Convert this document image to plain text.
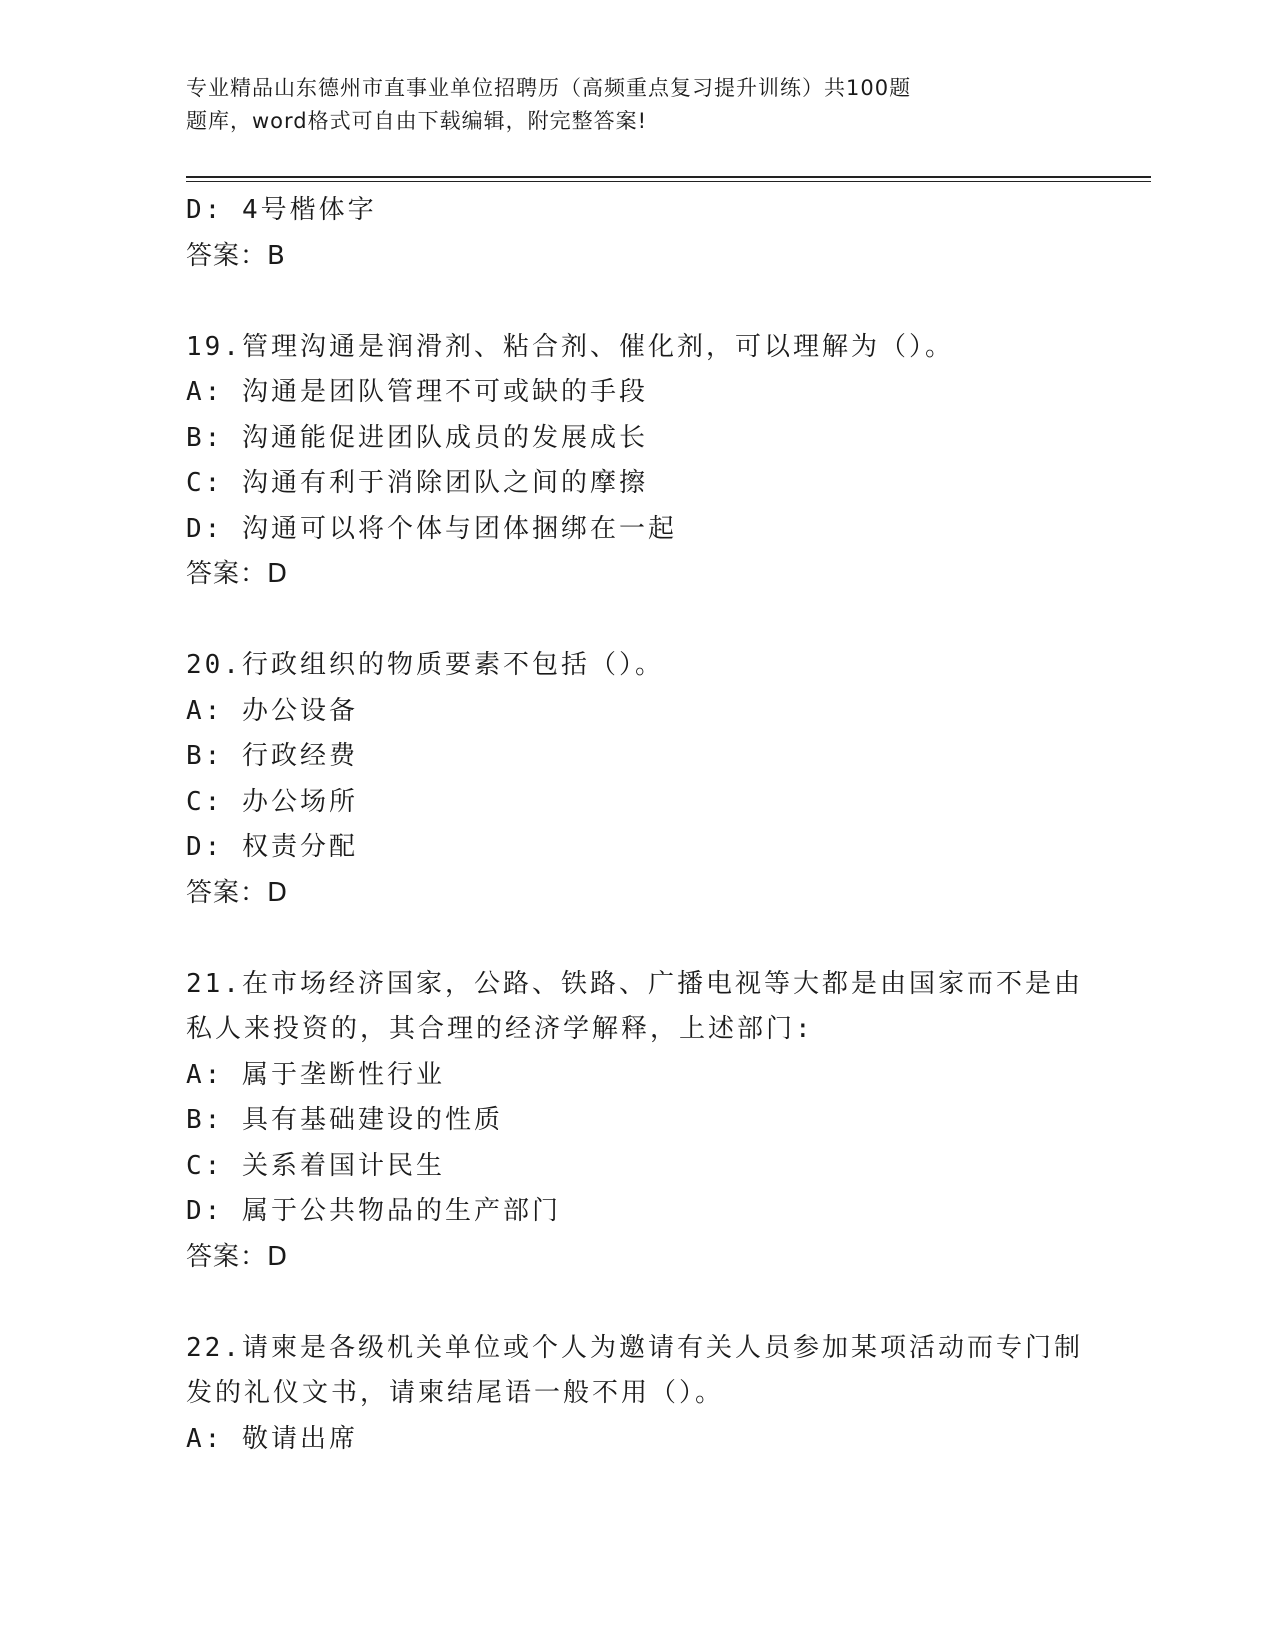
专业精品山东德州市直事业单位招聘历（高频重点复习提升训练）共100题
题库，word格式可自由下载编辑，附完整答案!
D: 4号楷体字
答案：B
19.管理沟通是润滑剂、粘合剂、催化剂，可以理解为（）。
A: 沟通是团队管理不可或缺的手段
B: 沟通能促进团队成员的发展成长
C: 沟通有利于消除团队之间的摩擦
D: 沟通可以将个体与团体捆绑在一起
答案：D
20.行政组织的物质要素不包括（）。
A: 办公设备
B: 行政经费
C: 办公场所
D: 权责分配
答案：D
21.在市场经济国家，公路、铁路、广播电视等大都是由国家而不是由
私人来投资的，其合理的经济学解释，上述部门:
A: 属于垄断性行业
B: 具有基础建设的性质
C: 关系着国计民生
D: 属于公共物品的生产部门
答案：D
22.请柬是各级机关单位或个人为邀请有关人员参加某项活动而专门制
发的礼仪文书，请柬结尾语一般不用（）。
A: 敬请出席
